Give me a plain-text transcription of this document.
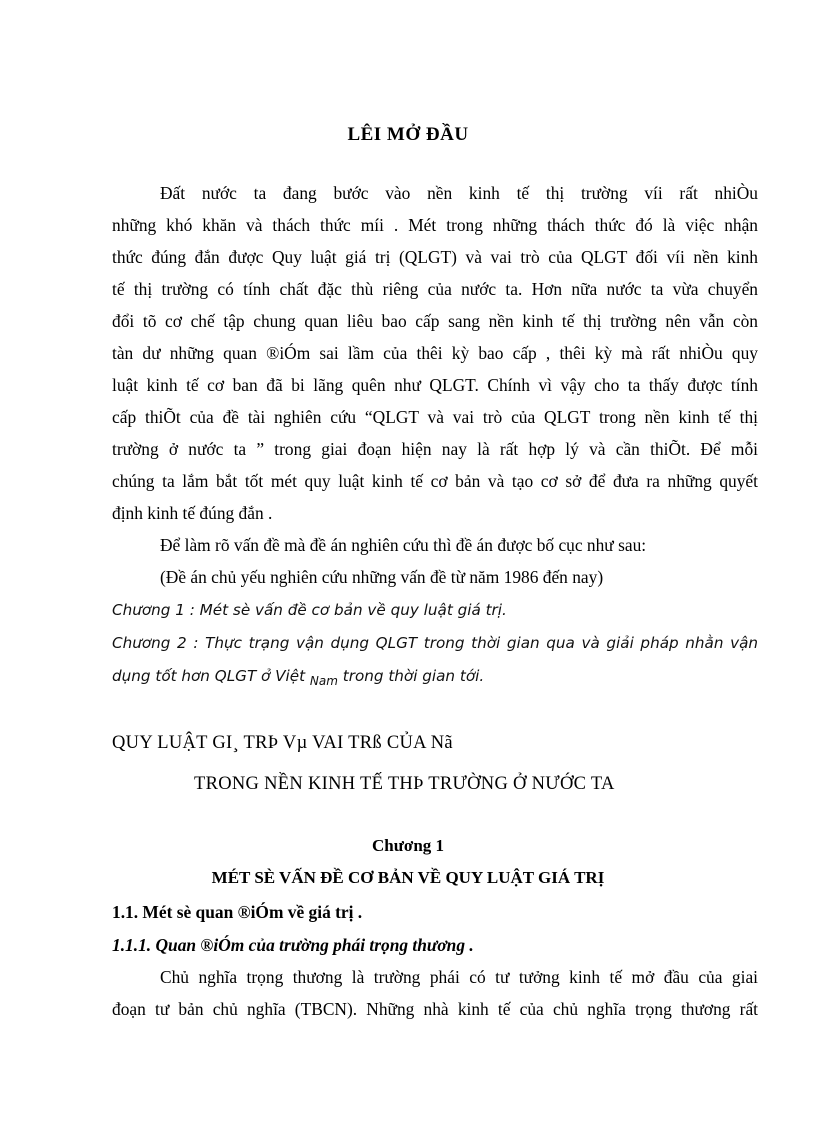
LÊI MỞ ĐẦU
Đất nước ta đang bước vào nền kinh tế thị trường víi rất nhiÒu
những khó khăn và thách thức míi . Mét trong những thách thức đó là việc nhận
thức đúng đắn được Quy luật giá trị (QLGT) và vai trò của QLGT đối víi nền kinh
tế thị trường có tính chất đặc thù riêng của nước ta. Hơn nữa nước ta vừa chuyển
đổi tõ cơ chế tập chung quan liêu bao cấp sang nền kinh tế thị trường nên vẫn còn
tàn dư những quan ®iÓm sai lầm của thêi kỳ bao cấp , thêi kỳ mà rất nhiÒu quy
luật kinh tế cơ ban đã bi lãng quên như QLGT. Chính vì vậy cho ta thấy được tính
cấp thiÕt của đề tài nghiên cứu “QLGT và vai trò của QLGT trong nền kinh tế thị
trường ở nước ta ” trong giai đoạn hiện nay là rất hợp lý và cần thiÕt. Để mỗi
chúng ta lắm bắt tốt mét quy luật kinh tế cơ bản và tạo cơ sở để đưa ra những quyết
định kinh tế đúng đắn .
Để làm rõ vấn đề mà đề án nghiên cứu thì đề án được bố cục như sau:
(Đề án chủ yếu nghiên cứu những vấn đề từ năm 1986 đến nay)
Chương 1 : Mét sè vấn đề cơ bản về quy luật giá trị.
Chương 2 : Thực trạng vận dụng QLGT trong thời gian qua và giải pháp nhằn vận
dụng tốt hơn QLGT ở Việt $_{Nam}$ trong thời gian tới.
QUY LUẬT GI¸ TRÞ Vµ VAI TRß CỦA Nã
TRONG NỀN KINH TẾ THÞ TRƯỜNG Ở NƯỚC TA
Chương 1
MÉT SÈ VẤN ĐỀ CƠ BẢN VỀ QUY LUẬT GIÁ TRỊ
1.1. Mét sè quan ®iÓm về giá trị .
1.1.1. Quan ®iÓm của trường phái trọng thương .
Chủ nghĩa trọng thương là trường phái có tư tưởng kinh tế mở đầu của giai
đoạn tư bản chủ nghĩa (TBCN). Những nhà kinh tế của chủ nghĩa trọng thương rất
